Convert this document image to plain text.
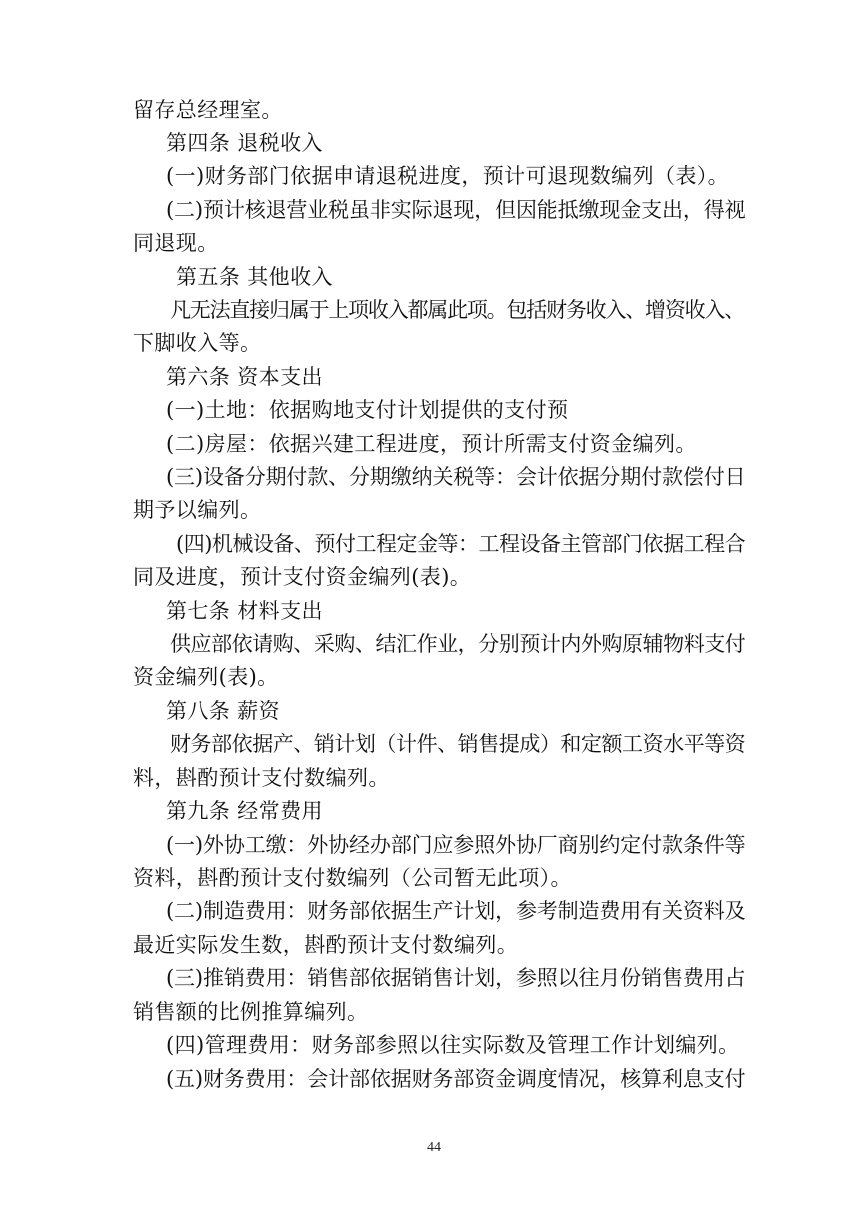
留存总经理室。
第四条 退税收入
(一)财务部门依据申请退税进度，预计可退现数编列（表）。
(二)预计核退营业税虽非实际退现，但因能抵缴现金支出，得视
同退现。
第五条 其他收入
凡无法直接归属于上项收入都属此项。包括财务收入、增资收入、
下脚收入等。
第六条 资本支出
(一)土地：依据购地支付计划提供的支付预
(二)房屋：依据兴建工程进度，预计所需支付资金编列。
(三)设备分期付款、分期缴纳关税等：会计依据分期付款偿付日
期予以编列。
(四)机械设备、预付工程定金等：工程设备主管部门依据工程合
同及进度，预计支付资金编列(表)。
第七条 材料支出
供应部依请购、采购、结汇作业，分别预计内外购原辅物料支付
资金编列(表)。
第八条 薪资
财务部依据产、销计划（计件、销售提成）和定额工资水平等资
料，斟酌预计支付数编列。
第九条 经常费用
(一)外协工缴：外协经办部门应参照外协厂商别约定付款条件等
资料，斟酌预计支付数编列（公司暂无此项）。
(二)制造费用：财务部依据生产计划，参考制造费用有关资料及
最近实际发生数，斟酌预计支付数编列。
(三)推销费用：销售部依据销售计划，参照以往月份销售费用占
销售额的比例推算编列。
(四)管理费用：财务部参照以往实际数及管理工作计划编列。
(五)财务费用：会计部依据财务部资金调度情况，核算利息支付
44
